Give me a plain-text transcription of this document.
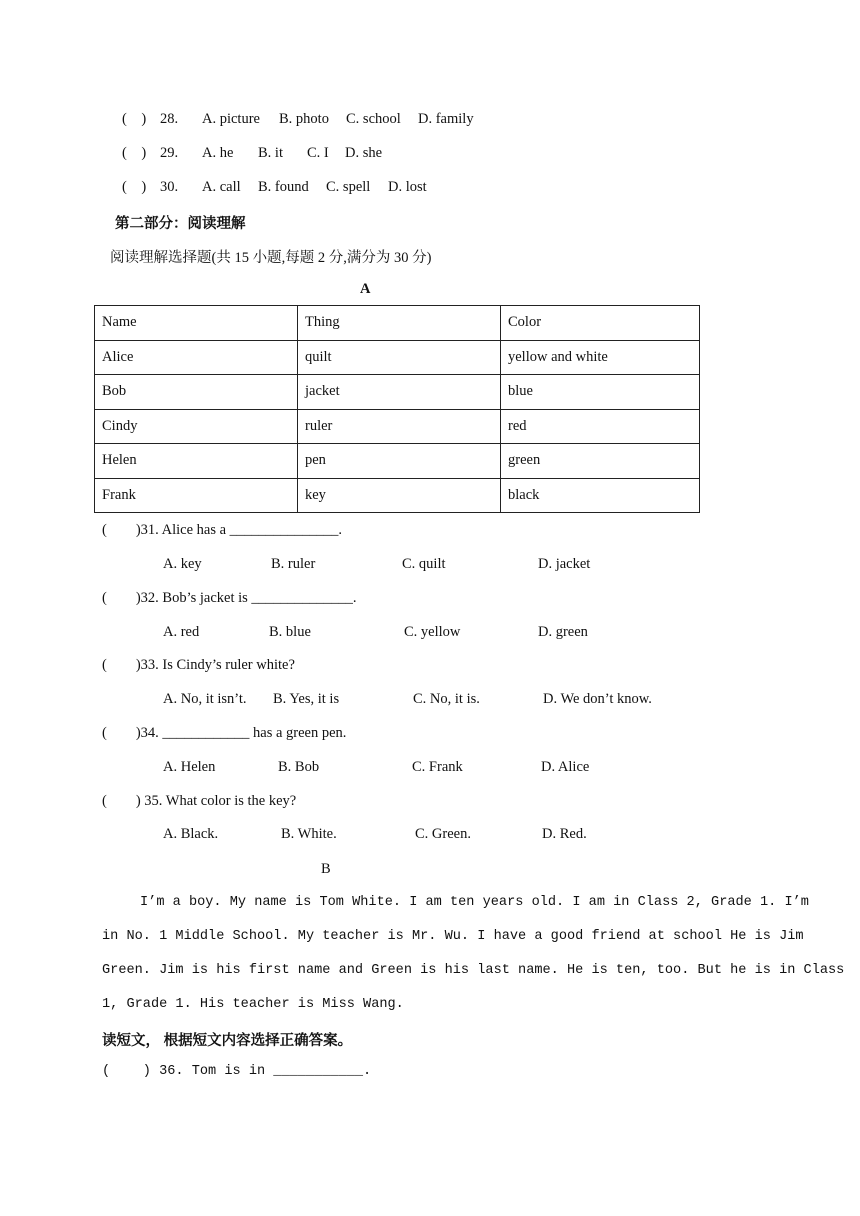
(    ) 28. A. picture B. photo C. school D. family
(    ) 29. A. he B. it C. I D. she
(    ) 30. A. call B. found C. spell D. lost
第二部分：阅读理解
阅读理解选择题(共 15 小题,每题 2 分,满分为 30 分)
A
Name	Thing	Color
Alice	quilt	yellow and white
Bob	jacket	blue
Cindy	ruler	red
Helen	pen	green
Frank	key	black
(        )31. Alice has a _______________.
A. key	B. ruler	C. quilt	D. jacket
(        )32. Bob’s jacket is ______________.
A. red	B. blue	C. yellow	D. green
(        )33. Is Cindy’s ruler white?
A. No, it isn’t. B. Yes, it is	C. No, it is.	D. We don’t know.
(        )34. ____________ has a green pen.
A. Helen	B. Bob	C. Frank	D. Alice
(        ) 35. What color is the key?
A. Black.	B. White.	C. Green.	D. Red.
B
I’m a boy. My name is Tom White. I am ten years old. I am in Class 2, Grade 1. I’m
in No. 1 Middle School. My teacher is Mr. Wu. I have a good friend at school He is Jim
Green. Jim is his first name and Green is his last name. He is ten, too. But he is in Class
1, Grade 1. His teacher is Miss Wang.
读短文， 根据短文内容选择正确答案。
(    ) 36. Tom is in ___________.
